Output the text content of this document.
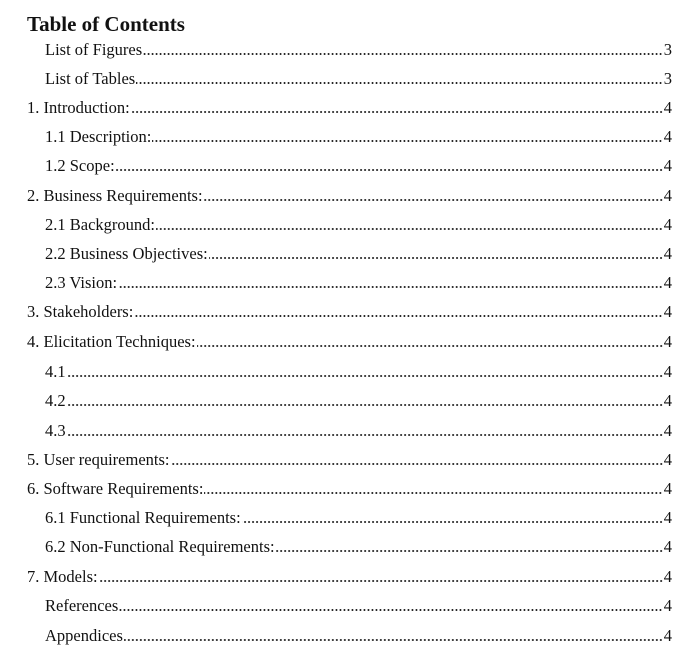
Table of Contents
List of Figures	3
List of Tables	3
1. Introduction:	4
1.1 Description:	4
1.2 Scope:	4
2. Business Requirements:	4
2.1 Background:	4
2.2 Business Objectives:	4
2.3 Vision:	4
3. Stakeholders:	4
4. Elicitation Techniques:	4
4.1	4
4.2	4
4.3	4
5. User requirements:	4
6. Software Requirements:	4
6.1 Functional Requirements:	4
6.2 Non-Functional Requirements:	4
7. Models:	4
References	4
Appendices	4
